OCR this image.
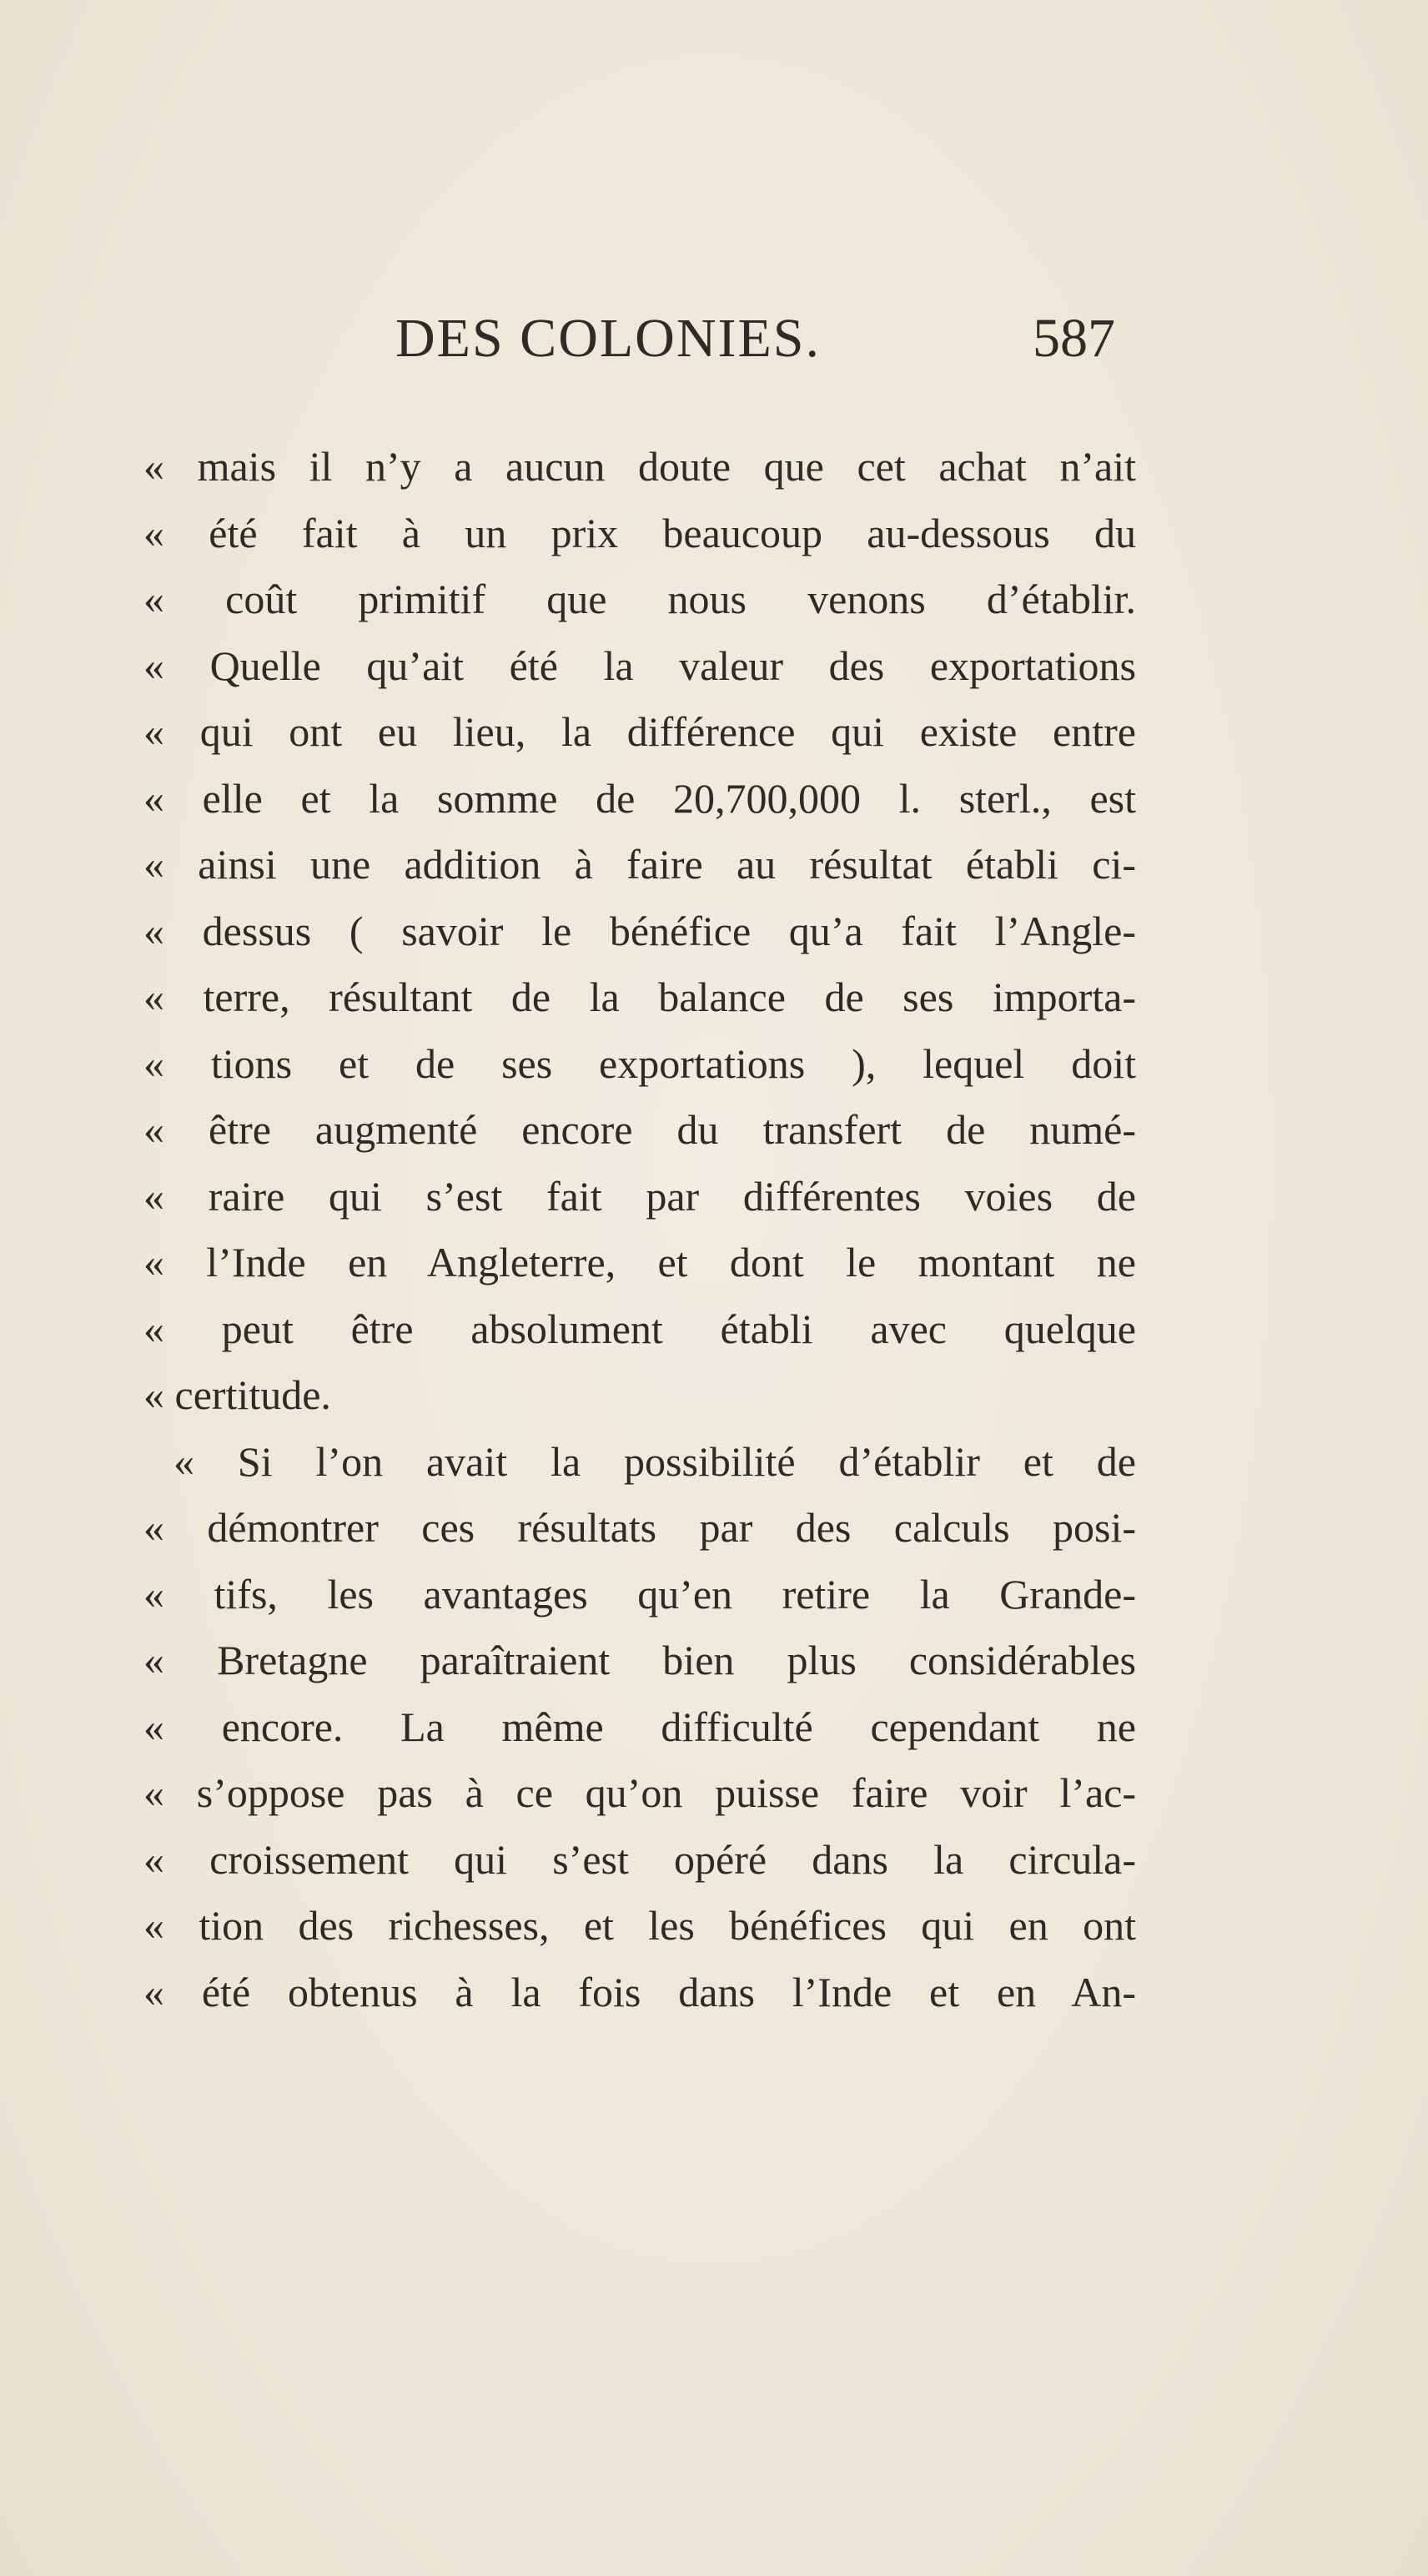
DES COLONIES.	587
« mais il n’y a aucun doute que cet achat n’ait
« été fait à un prix beaucoup au-dessous du
« coût primitif que nous venons d’établir.
« Quelle qu’ait été la valeur des exportations
« qui ont eu lieu, la différence qui existe entre
« elle et la somme de 20,700,000 l. sterl., est
« ainsi une addition à faire au résultat établi ci-
« dessus ( savoir le bénéfice qu’a fait l’Angle-
« terre, résultant de la balance de ses importa-
« tions et de ses exportations ), lequel doit
« être augmenté encore du transfert de numé-
« raire qui s’est fait par différentes voies de
« l’Inde en Angleterre, et dont le montant ne
« peut être absolument établi avec quelque
« certitude.
« Si l’on avait la possibilité d’établir et de
« démontrer ces résultats par des calculs posi-
« tifs, les avantages qu’en retire la Grande-
« Bretagne paraîtraient bien plus considérables
« encore. La même difficulté cependant ne
« s’oppose pas à ce qu’on puisse faire voir l’ac-
« croissement qui s’est opéré dans la circula-
« tion des richesses, et les bénéfices qui en ont
« été obtenus à la fois dans l’Inde et en An-
